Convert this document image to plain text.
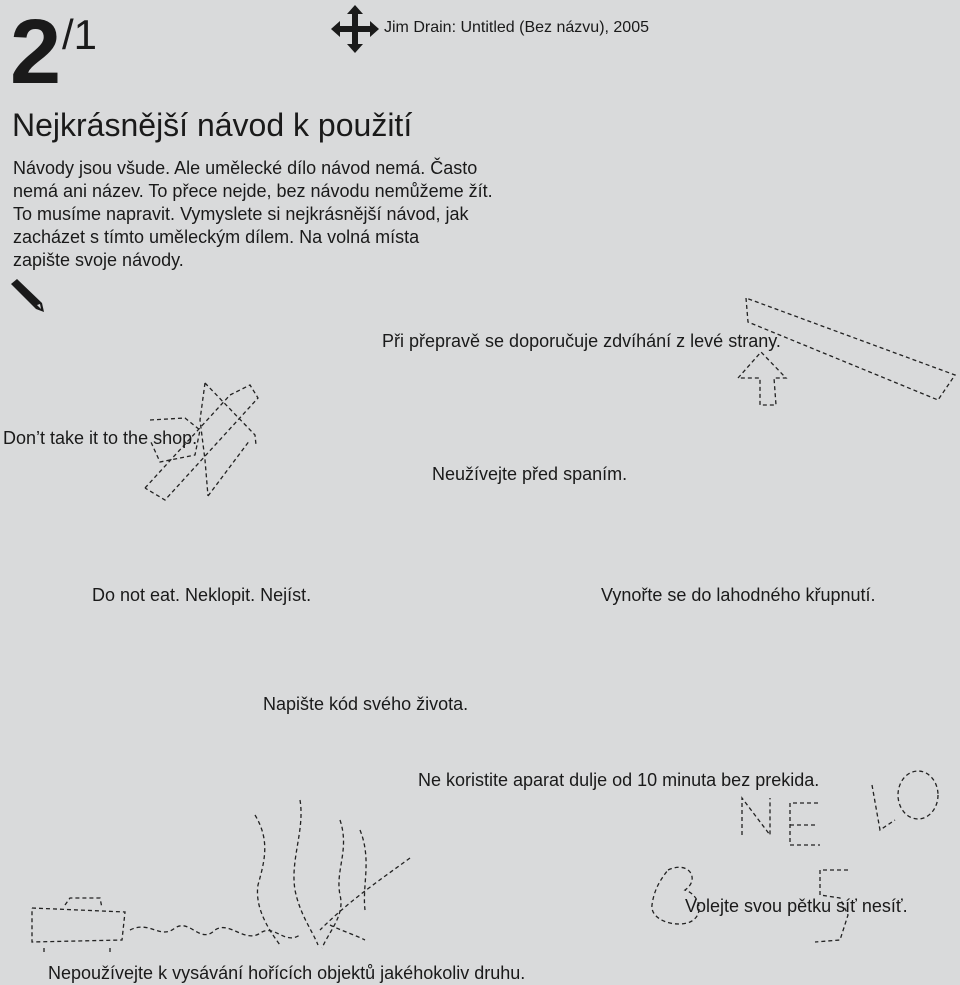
2 /1	Jim Drain: Untitled (Bez názvu), 2005
Nejkrásnější návod k použití
Návody jsou všude. Ale umělecké dílo návod nemá. Často
nemá ani název. To přece nejde, bez návodu nemůžeme žít.
To musíme napravit. Vymyslete si nejkrásnější návod, jak
zacházet s tímto uměleckým dílem. Na volná místa
zapište svoje návody.
Při přepravě se doporučuje zdvíhání z levé strany.
Don’t take it to the shop.
Neužívejte před spaním.
Do not eat. Neklopit. Nejíst.	Vynořte se do lahodného křupnutí.
Napište kód svého života.
Ne koristite aparat dulje od 10 minuta bez prekida.
Volejte svou pětku síť nesíť.
Nepoužívejte k vysávání hořících objektů jakéhokoliv druhu.
